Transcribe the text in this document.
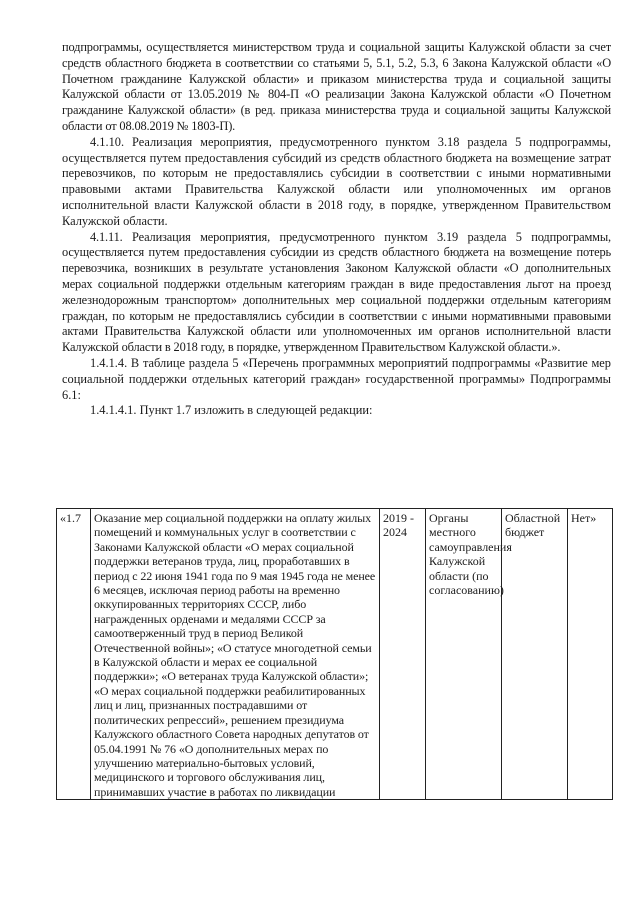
подпрограммы, осуществляется министерством труда и социальной защиты Калужской области за счет средств областного бюджета в соответствии со статьями 5, 5.1, 5.2, 5.3, 6 Закона Калужской области «О Почетном гражданине Калужской области» и приказом министерства труда и социальной защиты Калужской области от 13.05.2019 № 804-П «О реализации Закона Калужской области «О Почетном гражданине Калужской области» (в ред. приказа министерства труда и социальной защиты Калужской области от 08.08.2019 № 1803-П).

4.1.10. Реализация мероприятия, предусмотренного пунктом 3.18 раздела 5 подпрограммы, осуществляется путем предоставления субсидий из средств областного бюджета на возмещение затрат перевозчиков, по которым не предоставлялись субсидии в соответствии с иными нормативными правовыми актами Правительства Калужской области или уполномоченных им органов исполнительной власти Калужской области в 2018 году, в порядке, утвержденном Правительством Калужской области.

4.1.11. Реализация мероприятия, предусмотренного пунктом 3.19 раздела 5 подпрограммы, осуществляется путем предоставления субсидии из средств областного бюджета на возмещение потерь перевозчика, возникших в результате установления Законом Калужской области «О дополнительных мерах социальной поддержки отдельным категориям граждан в виде предоставления льгот на проезд железнодорожным транспортом» дополнительных мер социальной поддержки отдельным категориям граждан, по которым не предоставлялись субсидии в соответствии с иными нормативными правовыми актами Правительства Калужской области или уполномоченных им органов исполнительной власти Калужской области в 2018 году, в порядке, утвержденном Правительством Калужской области.».

1.4.1.4. В таблице раздела 5 «Перечень программных мероприятий подпрограммы «Развитие мер социальной поддержки отдельных категорий граждан» государственной программы» Подпрограммы 6.1:

1.4.1.4.1. Пункт 1.7 изложить в следующей редакции:

«1.7	Оказание мер социальной поддержки на оплату жилых помещений и коммунальных услуг в соответствии с Законами Калужской области «О мерах социальной поддержки ветеранов труда, лиц, проработавших в период с 22 июня 1941 года по 9 мая 1945 года не менее 6 месяцев, исключая период работы на временно оккупированных территориях СССР, либо награжденных орденами и медалями СССР за самоотверженный труд в период Великой Отечественной войны»; «О статусе многодетной семьи в Калужской области и мерах ее социальной поддержки»; «О ветеранах труда Калужской области»; «О мерах социальной поддержки реабилитированных лиц и лиц, признанных пострадавшими от политических репрессий», решением президиума Калужского областного Совета народных депутатов от 05.04.1991 № 76 «О дополнительных мерах по улучшению материально-бытовых условий, медицинского и торгового обслуживания лиц, принимавших участие в работах по ликвидации	2019 - 2024	Органы местного самоуправления Калужской области (по согласованию)	Областной бюджет	Нет»
